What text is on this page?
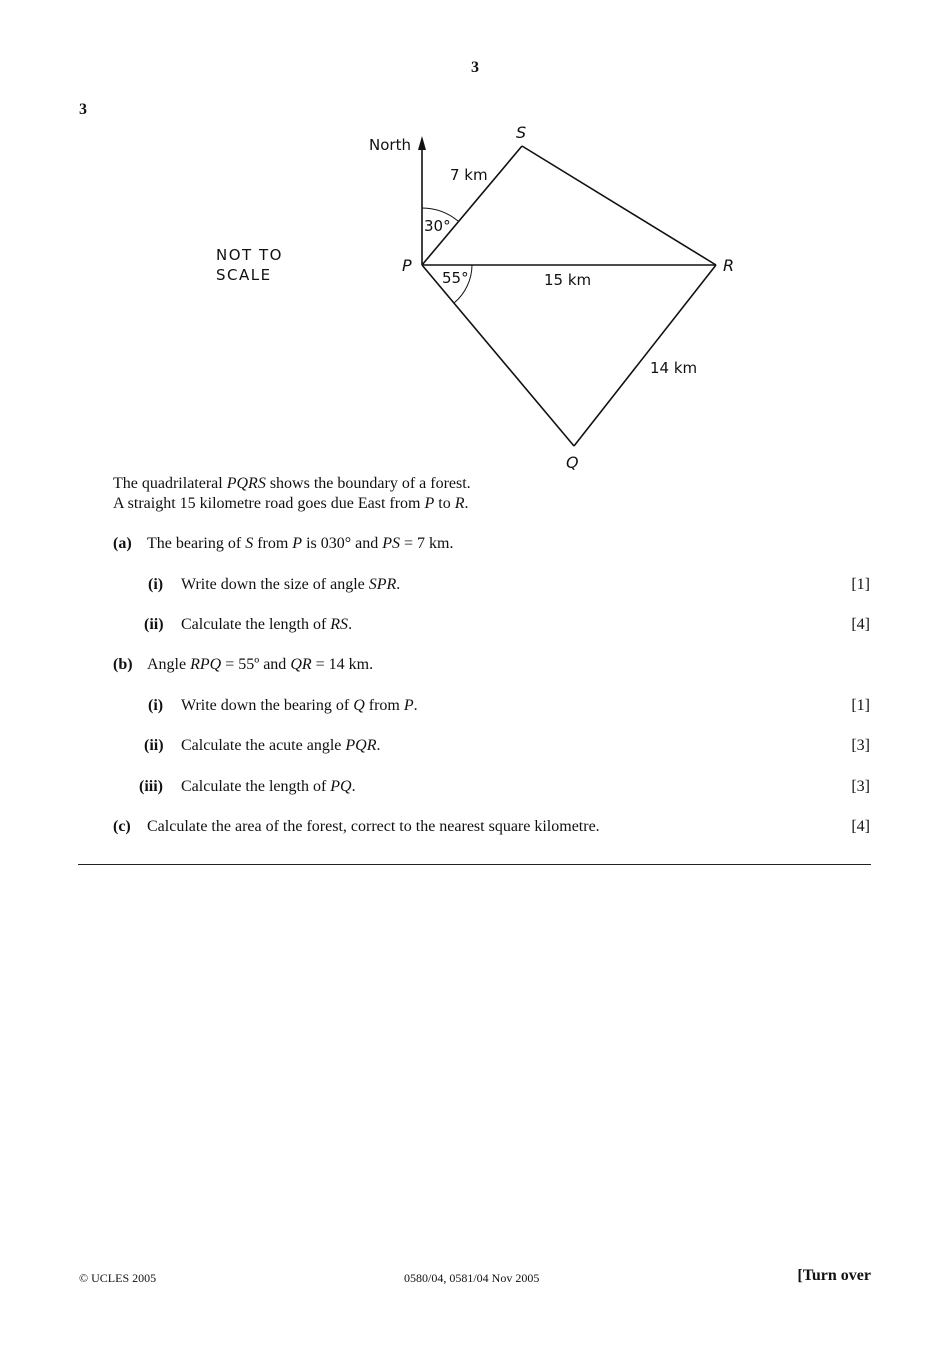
3
3
North
NOT TO
SCALE	P
S
R
Q
7 km
15 km
14 km
30°
55°
The quadrilateral PQRS shows the boundary of a forest.
A straight 15 kilometre road goes due East from P to R.
(a) The bearing of S from P is 030° and PS = 7 km.
(i) Write down the size of angle SPR.	[1]
(ii) Calculate the length of RS.	[4]
(b) Angle RPQ = 55º and QR = 14 km.
(i) Write down the bearing of Q from P.	[1]
(ii) Calculate the acute angle PQR.	[3]
(iii) Calculate the length of PQ.	[3]
(c) Calculate the area of the forest, correct to the nearest square kilometre.	[4]
© UCLES 2005	0580/04, 0581/04 Nov 2005	[Turn over
